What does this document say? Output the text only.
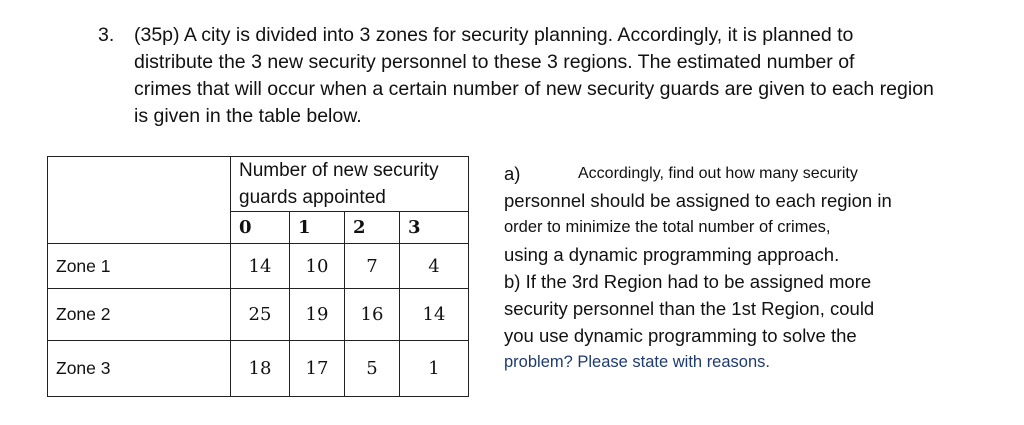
3. (35p) A city is divided into 3 zones for security planning. Accordingly, it is planned to
distribute the 3 new security personnel to these 3 regions. The estimated number of
crimes that will occur when a certain number of new security guards are given to each region
is given in the table below.

	Number of new security
guards appointed			

	0	1	2	3
Zone 1	14	10	7	4
Zone 2	25	19	16	14
Zone 3	18	17	5	1
a)	Accordingly, find out how many security
personnel should be assigned to each region in
order to minimize the total number of crimes,
using a dynamic programming approach.
b) If the 3rd Region had to be assigned more
security personnel than the 1st Region, could
you use dynamic programming to solve the
problem? Please state with reasons.
